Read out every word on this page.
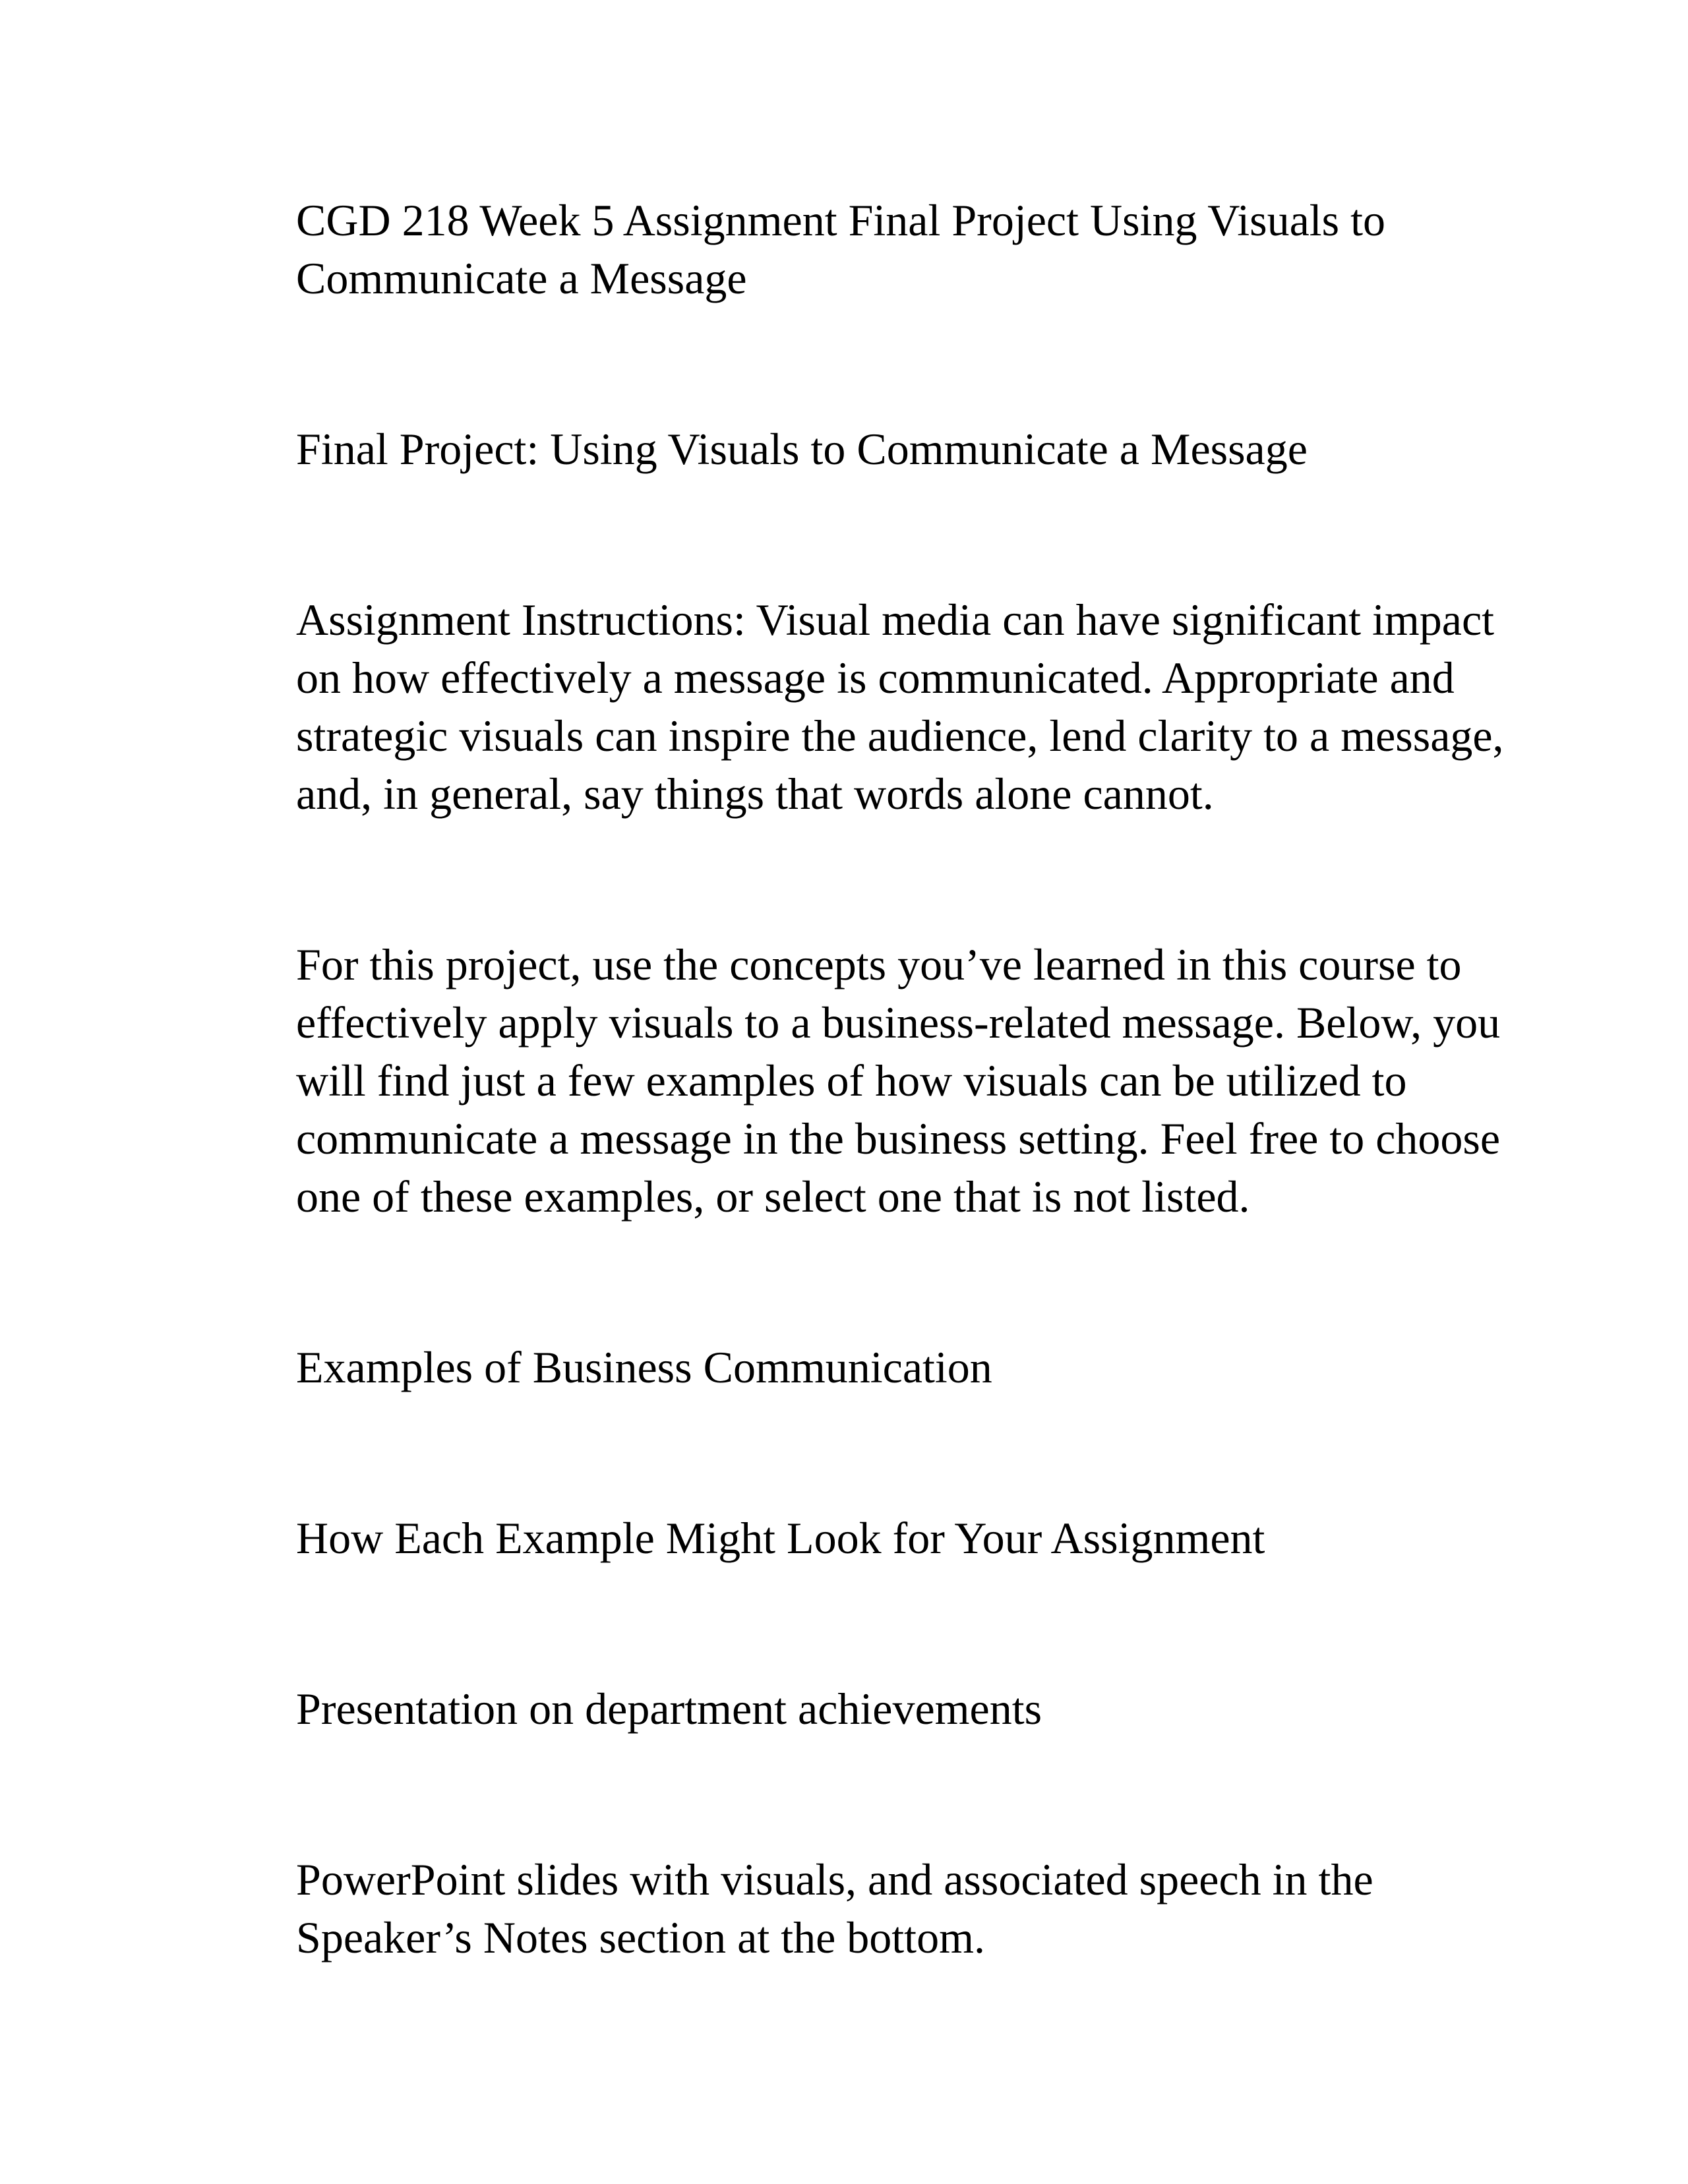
CGD 218 Week 5 Assignment Final Project Using Visuals to Communicate a Message

Final Project: Using Visuals to Communicate a Message

Assignment Instructions: Visual media can have significant impact on how effectively a message is communicated. Appropriate and strategic visuals can inspire the audience, lend clarity to a message, and, in general, say things that words alone cannot.

For this project, use the concepts you’ve learned in this course to effectively apply visuals to a business-related message. Below, you will find just a few examples of how visuals can be utilized to communicate a message in the business setting. Feel free to choose one of these examples, or select one that is not listed.

Examples of Business Communication

How Each Example Might Look for Your Assignment

Presentation on department achievements

PowerPoint slides with visuals, and associated speech in the Speaker’s Notes section at the bottom.
